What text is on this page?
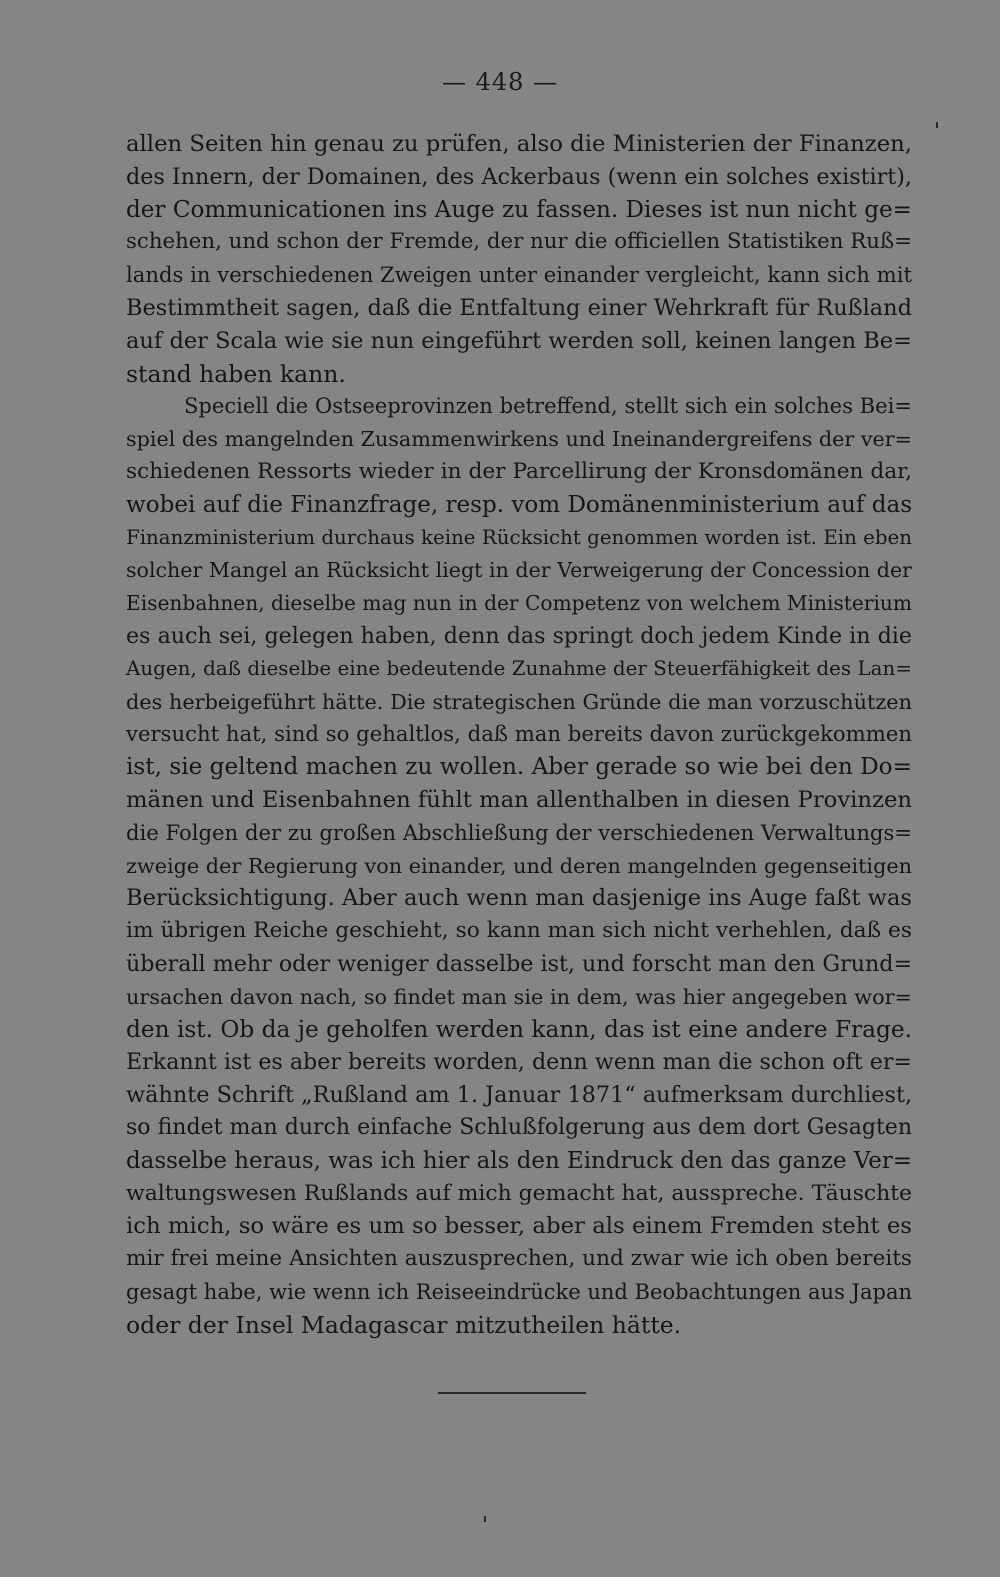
— 448 —
allen Seiten hin genau zu prüfen, also die Ministerien der Finanzen,
des Innern, der Domainen, des Ackerbaus (wenn ein solches existirt),
der Communicationen ins Auge zu fassen. Dieses ist nun nicht ge=
schehen, und schon der Fremde, der nur die officiellen Statistiken Ruß=
lands in verschiedenen Zweigen unter einander vergleicht, kann sich mit
Bestimmtheit sagen, daß die Entfaltung einer Wehrkraft für Rußland
auf der Scala wie sie nun eingeführt werden soll, keinen langen Be=
stand haben kann.
Speciell die Ostseeprovinzen betreffend, stellt sich ein solches Bei=
spiel des mangelnden Zusammenwirkens und Ineinandergreifens der ver=
schiedenen Ressorts wieder in der Parcellirung der Kronsdomänen dar,
wobei auf die Finanzfrage, resp. vom Domänenministerium auf das
Finanzministerium durchaus keine Rücksicht genommen worden ist. Ein eben
solcher Mangel an Rücksicht liegt in der Verweigerung der Concession der
Eisenbahnen, dieselbe mag nun in der Competenz von welchem Ministerium
es auch sei, gelegen haben, denn das springt doch jedem Kinde in die
Augen, daß dieselbe eine bedeutende Zunahme der Steuerfähigkeit des Lan=
des herbeigeführt hätte. Die strategischen Gründe die man vorzuschützen
versucht hat, sind so gehaltlos, daß man bereits davon zurückgekommen
ist, sie geltend machen zu wollen. Aber gerade so wie bei den Do=
mänen und Eisenbahnen fühlt man allenthalben in diesen Provinzen
die Folgen der zu großen Abschließung der verschiedenen Verwaltungs=
zweige der Regierung von einander, und deren mangelnden gegenseitigen
Berücksichtigung. Aber auch wenn man dasjenige ins Auge faßt was
im übrigen Reiche geschieht, so kann man sich nicht verhehlen, daß es
überall mehr oder weniger dasselbe ist, und forscht man den Grund=
ursachen davon nach, so findet man sie in dem, was hier angegeben wor=
den ist. Ob da je geholfen werden kann, das ist eine andere Frage.
Erkannt ist es aber bereits worden, denn wenn man die schon oft er=
wähnte Schrift „Rußland am 1. Januar 1871“ aufmerksam durchliest,
so findet man durch einfache Schlußfolgerung aus dem dort Gesagten
dasselbe heraus, was ich hier als den Eindruck den das ganze Ver=
waltungswesen Rußlands auf mich gemacht hat, ausspreche. Täuschte
ich mich, so wäre es um so besser, aber als einem Fremden steht es
mir frei meine Ansichten auszusprechen, und zwar wie ich oben bereits
gesagt habe, wie wenn ich Reiseeindrücke und Beobachtungen aus Japan
oder der Insel Madagascar mitzutheilen hätte.
